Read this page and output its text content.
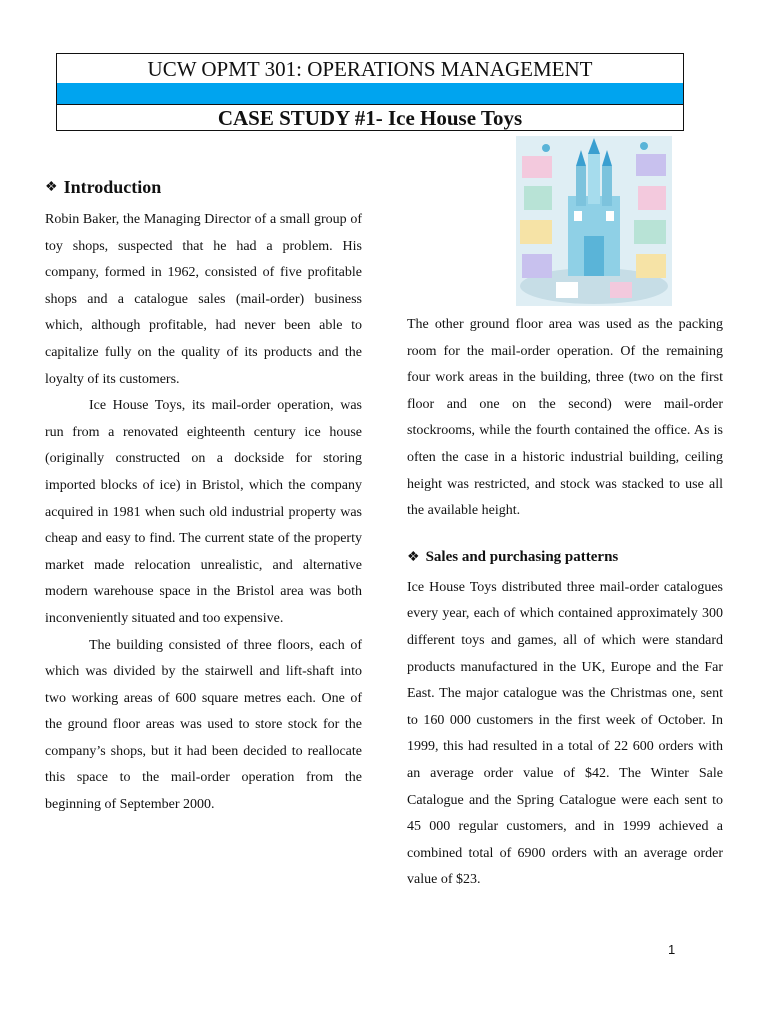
UCW OPMT 301: OPERATIONS MANAGEMENT
CASE STUDY #1- Ice House Toys
❖ Introduction

Robin Baker, the Managing Director of a small group of toy shops, suspected that he had a problem. His company, formed in 1962, consisted of five profitable shops and a catalogue sales (mail-order) business which, although profitable, had never been able to capitalize fully on the quality of its products and the loyalty of its customers.

Ice House Toys, its mail-order operation, was run from a renovated eighteenth century ice house (originally constructed on a dockside for storing imported blocks of ice) in Bristol, which the company acquired in 1981 when such old industrial property was cheap and easy to find. The current state of the property market made relocation unrealistic, and alternative modern warehouse space in the Bristol area was both inconveniently situated and too expensive.

The building consisted of three floors, each of which was divided by the stairwell and lift-shaft into two working areas of 600 square metres each. One of the ground floor areas was used to store stock for the company’s shops, but it had been decided to reallocate this space to the mail-order operation from the beginning of September 2000.

The other ground floor area was used as the packing room for the mail-order operation. Of the remaining four work areas in the building, three (two on the first floor and one on the second) were mail-order stockrooms, while the fourth contained the office. As is often the case in a historic industrial building, ceiling height was restricted, and stock was stacked to use all the available height.

❖ Sales and purchasing patterns

Ice House Toys distributed three mail-order catalogues every year, each of which contained approximately 300 different toys and games, all of which were standard products manufactured in the UK, Europe and the Far East. The major catalogue was the Christmas one, sent to 160 000 customers in the first week of October. In 1999, this had resulted in a total of 22 600 orders with an average order value of $42. The Winter Sale Catalogue and the Spring Catalogue were each sent to 45 000 regular customers, and in 1999 achieved a combined total of 6900 orders with an average order value of $23.

1
